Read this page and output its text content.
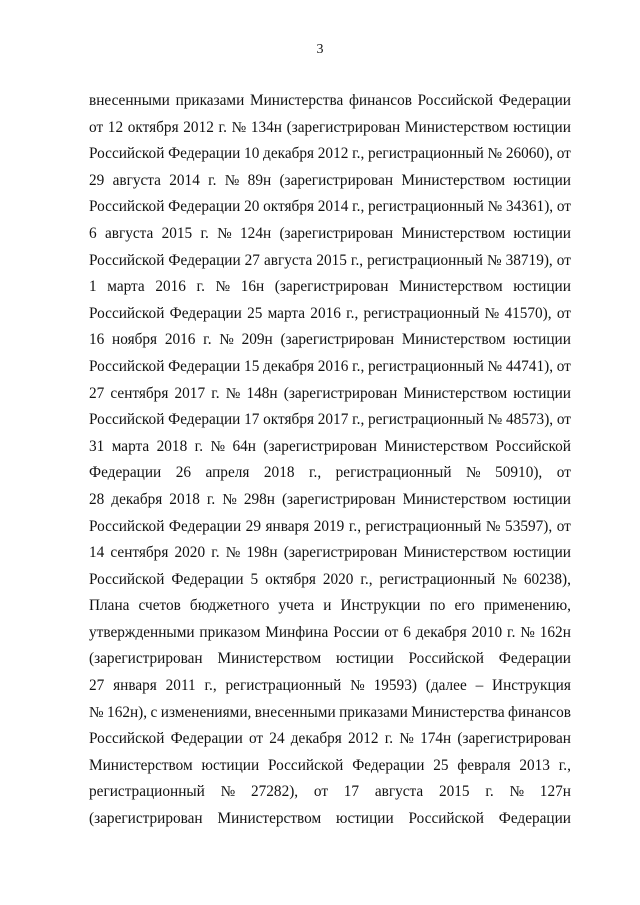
3
внесенными приказами Министерства финансов Российской Федерации
от 12 октября 2012 г. № 134н (зарегистрирован Министерством юстиции
Российской Федерации 10 декабря 2012 г., регистрационный № 26060), от
29 августа 2014 г. № 89н (зарегистрирован Министерством юстиции
Российской Федерации 20 октября 2014 г., регистрационный № 34361), от
6 августа 2015 г. № 124н (зарегистрирован Министерством юстиции
Российской Федерации 27 августа 2015 г., регистрационный № 38719), от
1 марта 2016 г. № 16н (зарегистрирован Министерством юстиции
Российской Федерации 25 марта 2016 г., регистрационный № 41570), от
16 ноября 2016 г. № 209н (зарегистрирован Министерством юстиции
Российской Федерации 15 декабря 2016 г., регистрационный № 44741), от
27 сентября 2017 г. № 148н (зарегистрирован Министерством юстиции
Российской Федерации 17 октября 2017 г., регистрационный № 48573), от
31 марта 2018 г. № 64н (зарегистрирован Министерством Российской
Федерации 26 апреля 2018 г., регистрационный № 50910), от
28 декабря 2018 г. № 298н (зарегистрирован Министерством юстиции
Российской Федерации 29 января 2019 г., регистрационный № 53597), от
14 сентября 2020 г. № 198н (зарегистрирован Министерством юстиции
Российской Федерации 5 октября 2020 г., регистрационный № 60238),
Плана счетов бюджетного учета и Инструкции по его применению,
утвержденными приказом Минфина России от 6 декабря 2010 г. № 162н
(зарегистрирован Министерством юстиции Российской Федерации
27 января 2011 г., регистрационный № 19593) (далее – Инструкция
№ 162н), с изменениями, внесенными приказами Министерства финансов
Российской Федерации от 24 декабря 2012 г. № 174н (зарегистрирован
Министерством юстиции Российской Федерации 25 февраля 2013 г.,
регистрационный № 27282), от 17 августа 2015 г. № 127н
(зарегистрирован Министерством юстиции Российской Федерации
